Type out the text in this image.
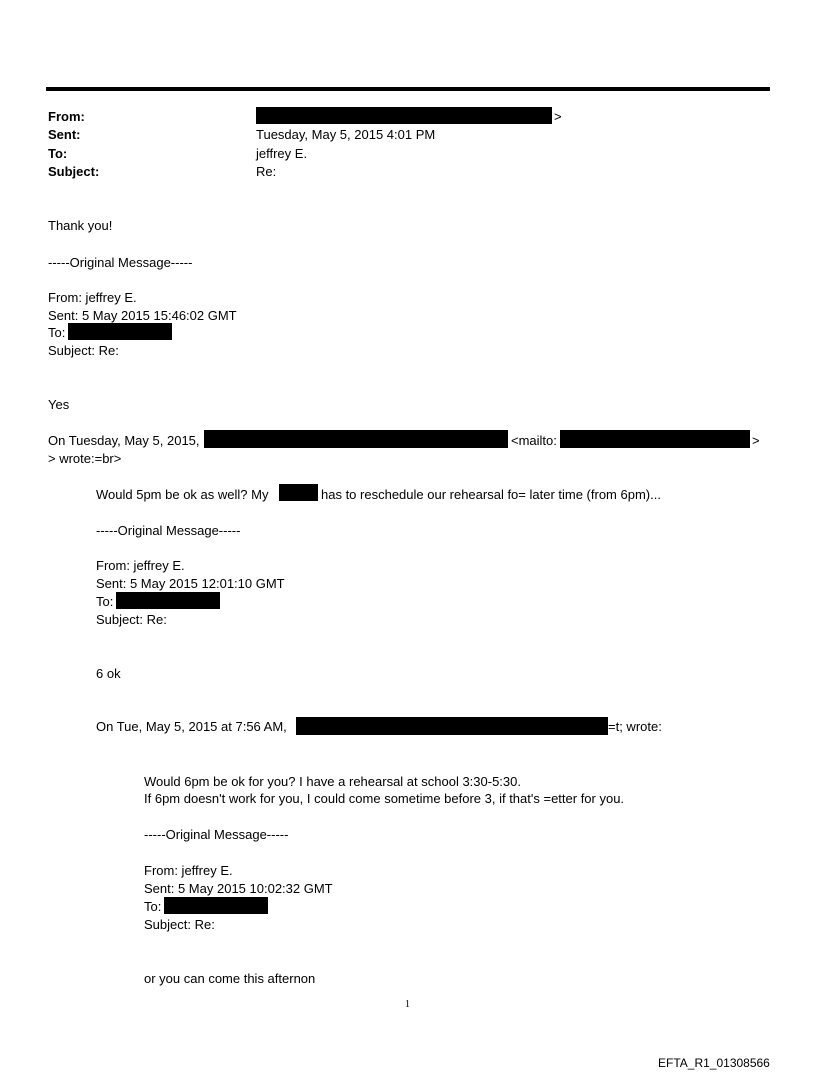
From:	>
Sent:	Tuesday, May 5, 2015 4:01 PM
To:	jeffrey E.
Subject:	Re:
Thank you!
-----Original Message-----
From: jeffrey E.
Sent: 5 May 2015 15:46:02 GMT
To:
Subject: Re:
Yes
On Tuesday, May 5, 2015,	<mailto:	>
> wrote:=br>
Would 5pm be ok as well? My	has to reschedule our rehearsal fo= later time (from 6pm)...
-----Original Message-----
From: jeffrey E.
Sent: 5 May 2015 12:01:10 GMT
To:
Subject: Re:
6 ok
On Tue, May 5, 2015 at 7:56 AM,	=t; wrote:
Would 6pm be ok for you? I have a rehearsal at school 3:30-5:30.
If 6pm doesn't work for you, I could come sometime before 3, if that's =etter for you.
-----Original Message-----
From: jeffrey E.
Sent: 5 May 2015 10:02:32 GMT
To:
Subject: Re:
or you can come this afternon
1
EFTA_R1_01308566
